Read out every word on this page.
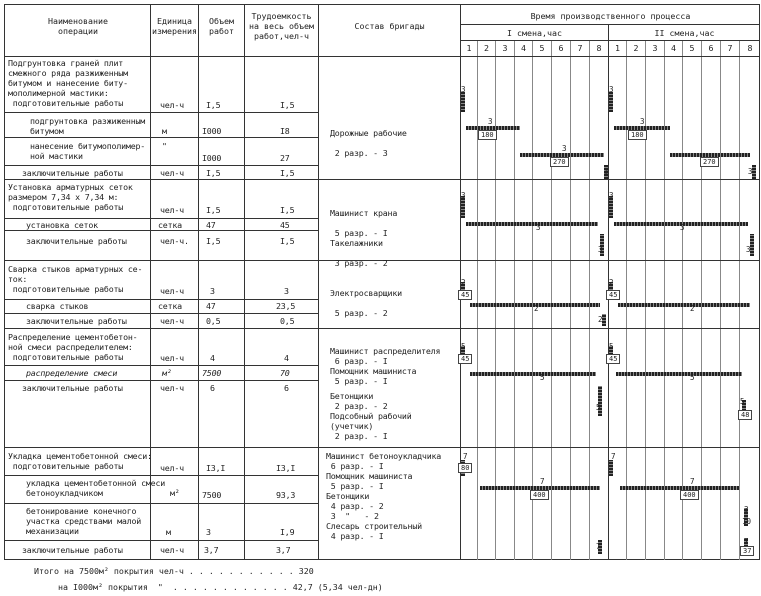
Наименование
операции
Единица
измерения
Объем
работ
Трудоемкость
на весь объем
работ,чел-ч
Состав бригады
Время производственного процесса
I смена,час	II смена,час
1	2	3	4	5	6	7	8	1	2	3	4	5	6	7	8
Подгрунтовка граней плит
смежного ряда разжиженным
битумом и нанесение биту-
мополимерной мастики:
подготовительные работы	чел-ч	I,5	I,5
подгрунтовка разжиженным
битумом	м	I000	I8
нанесение битумополимер-
ной мастики
"
I000	27
заключительные работы	чел-ч	I,5	I,5
Установка арматурных сеток
размером 7,34 х 7,34 м:
подготовительные работы	чел-ч	I,5	I,5
установка сеток	сетка	47	45
заключительные работы	чел-ч. I,5	I,5
Сварка стыков арматурных се-
ток:
подготовительные работы	чел-ч	3	3
сварка стыков	сетка	47	23,5
заключительные работы	чел-ч	0,5	0,5
Распределение цементобетон-
ной смеси распределителем:
подготовительные работы	чел-ч	4	4
распределение смеси	м²	7500	70
заключительные работы	чел-ч	6	6
Укладка цементобетонной смеси:
подготовительные работы	чел-ч	I3,I	I3,I
укладка цементобетонной смеси
бетоноукладчиком	м²	7500	93,3
бетонирование конечного
участка средствами малой
механизации	м	3	I,9
заключительные работы	чел-ч 3,7	3,7
Дорожные рабочие

2 разр. - 3
Машинист крана

5 разр. - I
Такелажники

3 разр. - 2
Электросварщики

5 разр. - 2
Машинист распределителя
6 разр. - I
Помощник машиниста
5 разр. - I
Бетонщики
2 разр. - 2
Подсобный рабочий
(учетчик)
2 разр. - I
Машинист бетоноукладчика
6 разр. - I
Помощник машиниста
5 разр. - I
Бетонщики
4 разр. - 2
3  "   - 2
Слесарь строительный
4 разр. - I
3
3
180
3
270
3
3
180
3
270
3
3
3
3
3
3
3
2
45
2
2
2
45
2
5
5
45
5
5
45
5
5
48
7
80
7
400
7
7
7
400
3
10
7
37
Итого на 7500м² покрытия чел-ч . . . . . . . . . . . 320
на I000м² покрытия  "  . . . . . . . . . . . . 42,7 (5,34 чел-дн)
